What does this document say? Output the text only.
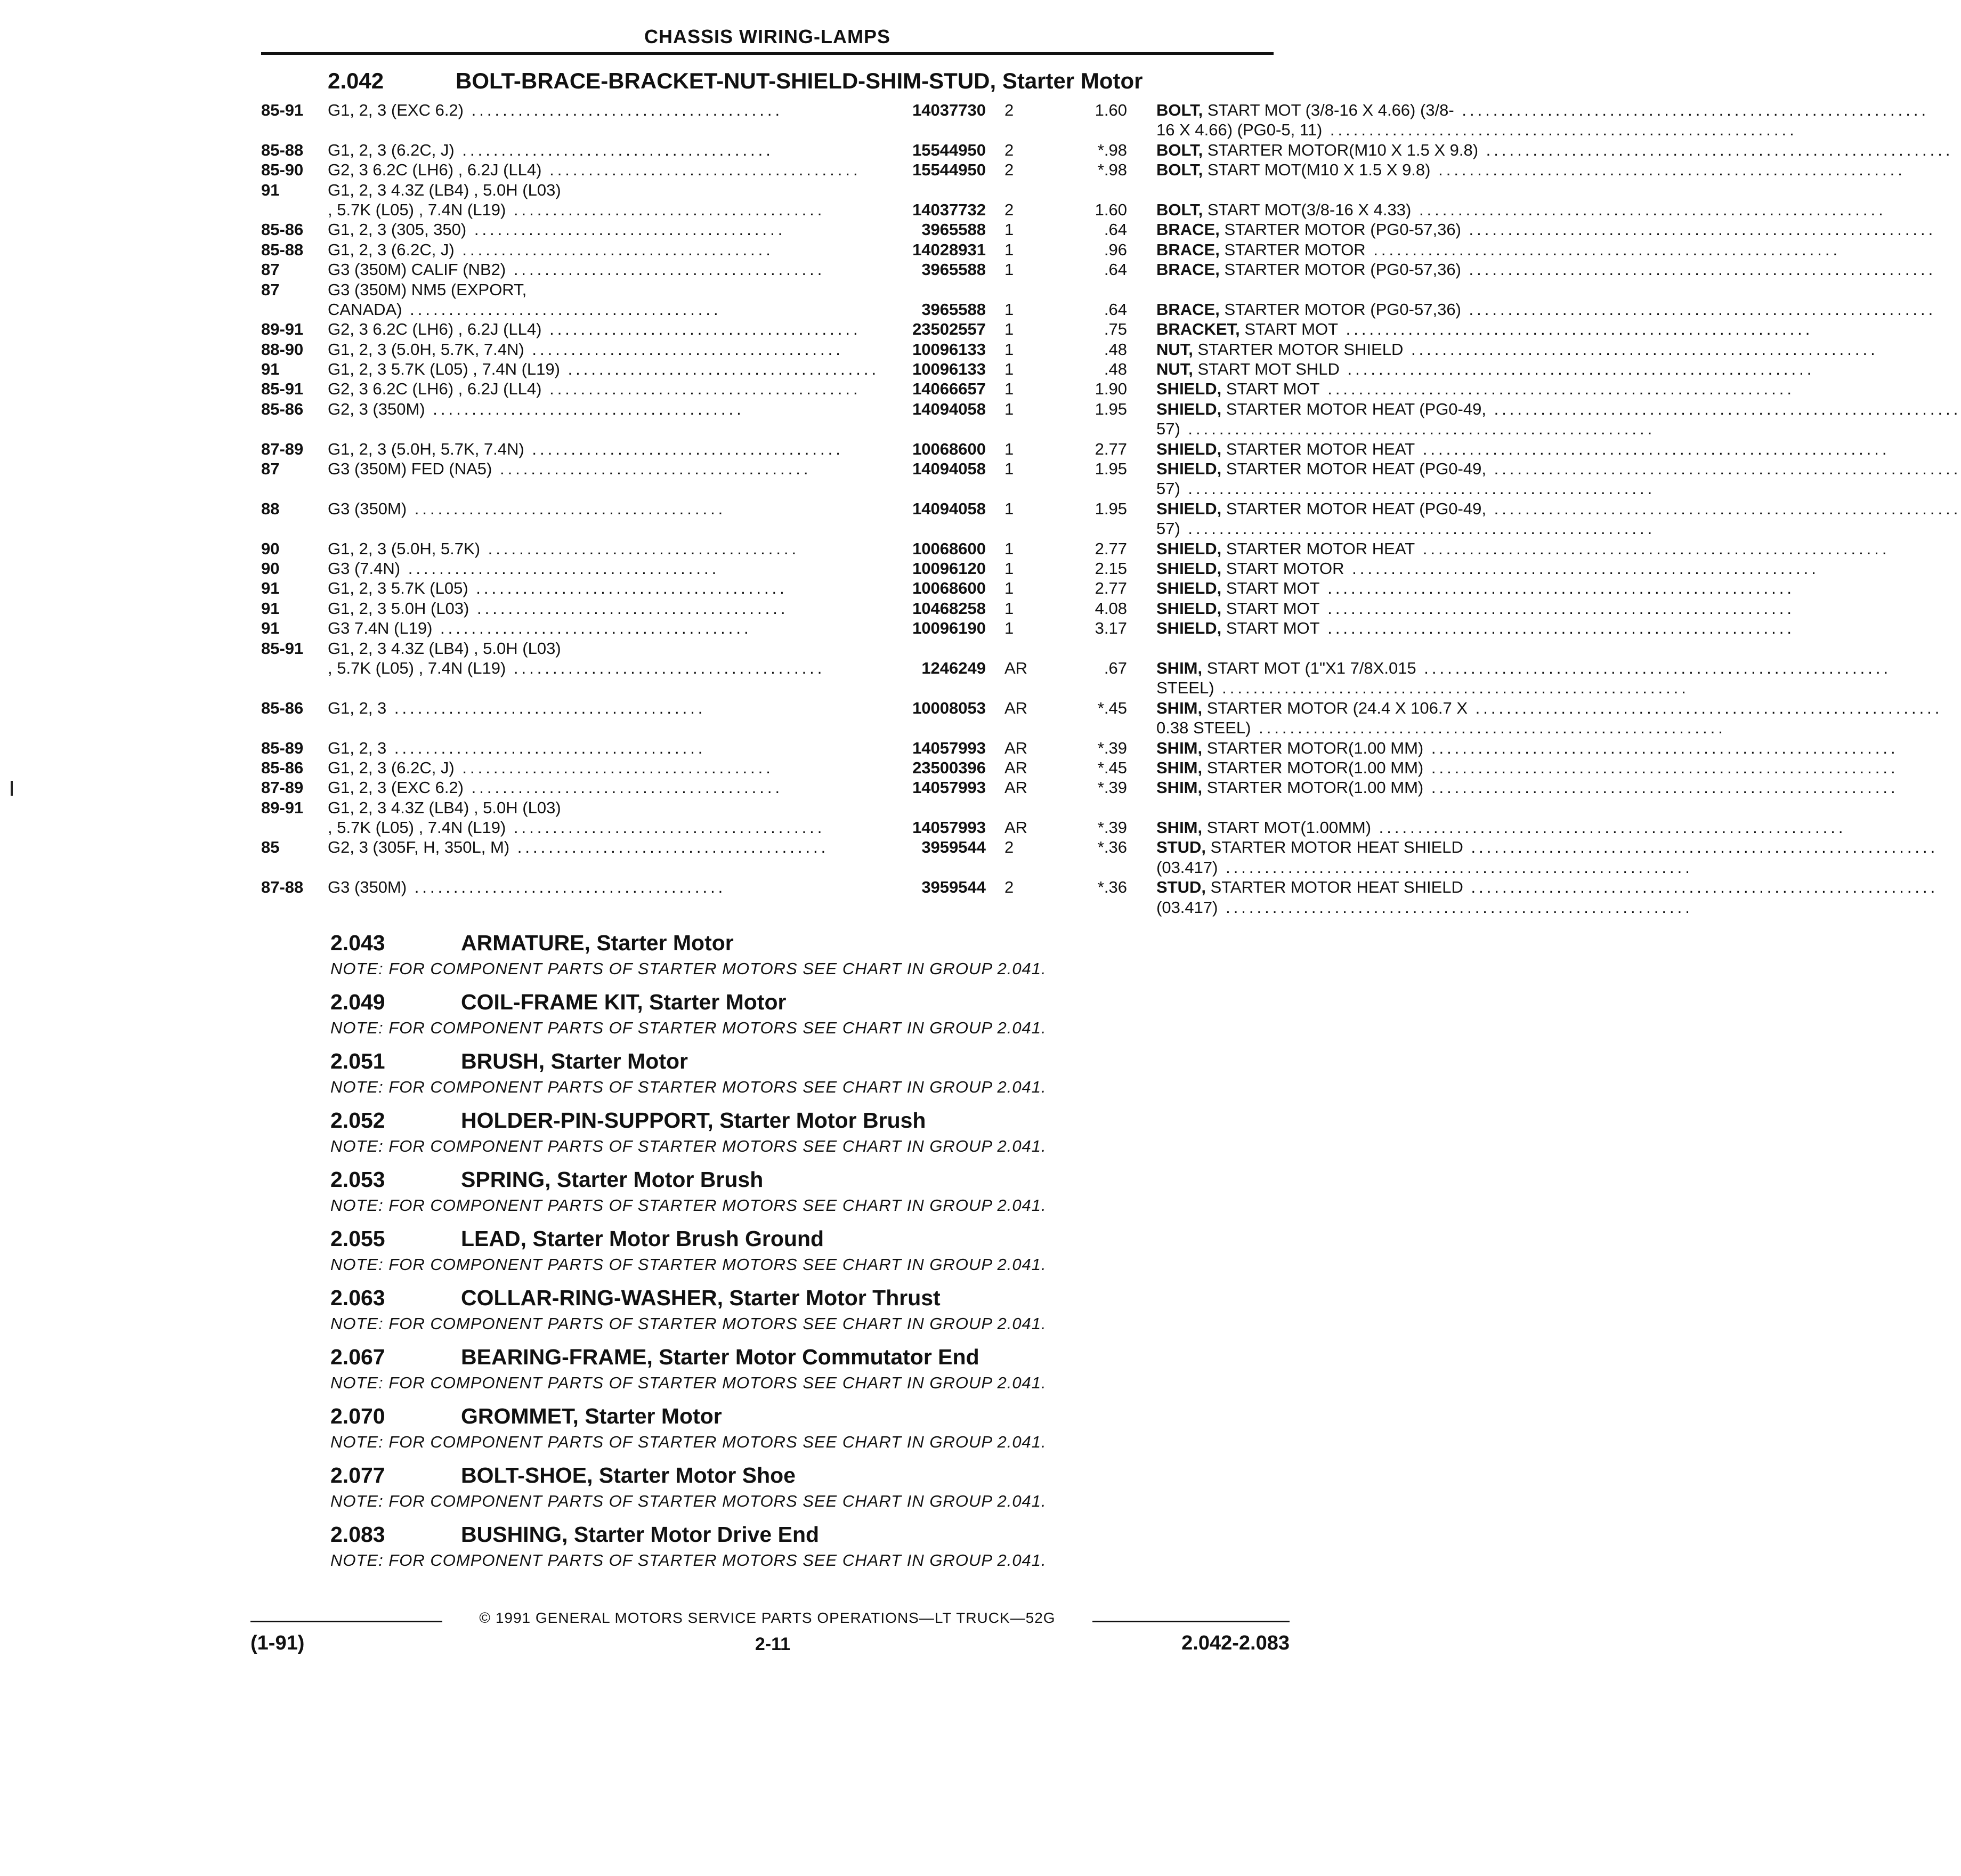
CHASSIS WIRING-LAMPS
2.042	BOLT-BRACE-BRACKET-NUT-SHIELD-SHIM-STUD, Starter Motor
85-91	G1, 2, 3 (EXC 6.2) ........................................	14037730 2	1.60 BOLT, START MOT (3/8-16 X 4.66) (3/8- ............................................................
16 X 4.66) (PG0-5, 11) ............................................................
85-88	G1, 2, 3 (6.2C, J) ........................................	15544950 2	*.98 BOLT, STARTER MOTOR(M10 X 1.5 X 9.8) ............................................................
85-90	G2, 3 6.2C (LH6) , 6.2J (LL4) ........................................	15544950 2	*.98 BOLT, START MOT(M10 X 1.5 X 9.8) ............................................................
91	G1, 2, 3 4.3Z (LB4) , 5.0H (L03)
, 5.7K (L05) , 7.4N (L19) ........................................	14037732 2	1.60 BOLT, START MOT(3/8-16 X 4.33) ............................................................
85-86	G1, 2, 3 (305, 350) ........................................	3965588 1	.64 BRACE, STARTER MOTOR (PG0-57,36) ............................................................
85-88	G1, 2, 3 (6.2C, J) ........................................	14028931 1	.96 BRACE, STARTER MOTOR ............................................................
87	G3 (350M) CALIF (NB2) ........................................	3965588 1	.64 BRACE, STARTER MOTOR (PG0-57,36) ............................................................
87	G3 (350M) NM5 (EXPORT,
CANADA) ........................................	3965588 1	.64 BRACE, STARTER MOTOR (PG0-57,36) ............................................................
89-91	G2, 3 6.2C (LH6) , 6.2J (LL4) ........................................	23502557 1	.75 BRACKET, START MOT ............................................................
88-90	G1, 2, 3 (5.0H, 5.7K, 7.4N) ........................................	10096133 1	.48 NUT, STARTER MOTOR SHIELD ............................................................
91	G1, 2, 3 5.7K (L05) , 7.4N (L19) ........................................	10096133 1	.48 NUT, START MOT SHLD ............................................................
85-91	G2, 3 6.2C (LH6) , 6.2J (LL4) ........................................	14066657 1	1.90 SHIELD, START MOT ............................................................
85-86	G2, 3 (350M) ........................................	14094058 1	1.95 SHIELD, STARTER MOTOR HEAT (PG0-49, ............................................................
57) ............................................................
87-89	G1, 2, 3 (5.0H, 5.7K, 7.4N) ........................................	10068600 1	2.77 SHIELD, STARTER MOTOR HEAT ............................................................
87	G3 (350M) FED (NA5) ........................................	14094058 1	1.95 SHIELD, STARTER MOTOR HEAT (PG0-49, ............................................................
57) ............................................................
88	G3 (350M) ........................................	14094058 1	1.95 SHIELD, STARTER MOTOR HEAT (PG0-49, ............................................................
57) ............................................................
90	G1, 2, 3 (5.0H, 5.7K) ........................................	10068600 1	2.77 SHIELD, STARTER MOTOR HEAT ............................................................
90	G3 (7.4N) ........................................	10096120 1	2.15 SHIELD, START MOTOR ............................................................
91	G1, 2, 3 5.7K (L05) ........................................	10068600 1	2.77 SHIELD, START MOT ............................................................
91	G1, 2, 3 5.0H (L03) ........................................	10468258 1	4.08 SHIELD, START MOT ............................................................
91	G3 7.4N (L19) ........................................	10096190 1	3.17 SHIELD, START MOT ............................................................
85-91	G1, 2, 3 4.3Z (LB4) , 5.0H (L03)
, 5.7K (L05) , 7.4N (L19) ........................................	1246249 AR	.67 SHIM, START MOT (1"X1 7/8X.015 ............................................................
STEEL) ............................................................
85-86	G1, 2, 3 ........................................	10008053 AR	*.45 SHIM, STARTER MOTOR (24.4 X 106.7 X ............................................................
0.38 STEEL) ............................................................
85-89	G1, 2, 3 ........................................	14057993 AR	*.39 SHIM, STARTER MOTOR(1.00 MM) ............................................................
85-86	G1, 2, 3 (6.2C, J) ........................................	23500396 AR	*.45 SHIM, STARTER MOTOR(1.00 MM) ............................................................
87-89	G1, 2, 3 (EXC 6.2) ........................................	14057993 AR	*.39 SHIM, STARTER MOTOR(1.00 MM) ............................................................
89-91	G1, 2, 3 4.3Z (LB4) , 5.0H (L03)
, 5.7K (L05) , 7.4N (L19) ........................................	14057993 AR	*.39 SHIM, START MOT(1.00MM) ............................................................
85	G2, 3 (305F, H, 350L, M) ........................................	3959544 2	*.36 STUD, STARTER MOTOR HEAT SHIELD ............................................................
(03.417) ............................................................
87-88	G3 (350M) ........................................	3959544 2	*.36 STUD, STARTER MOTOR HEAT SHIELD ............................................................
(03.417) ............................................................
2.043	ARMATURE, Starter Motor
NOTE: FOR COMPONENT PARTS OF STARTER MOTORS SEE CHART IN GROUP 2.041.
2.049	COIL-FRAME KIT, Starter Motor
NOTE: FOR COMPONENT PARTS OF STARTER MOTORS SEE CHART IN GROUP 2.041.
2.051	BRUSH, Starter Motor
NOTE: FOR COMPONENT PARTS OF STARTER MOTORS SEE CHART IN GROUP 2.041.
2.052	HOLDER-PIN-SUPPORT, Starter Motor Brush
NOTE: FOR COMPONENT PARTS OF STARTER MOTORS SEE CHART IN GROUP 2.041.
2.053	SPRING, Starter Motor Brush
NOTE: FOR COMPONENT PARTS OF STARTER MOTORS SEE CHART IN GROUP 2.041.
2.055	LEAD, Starter Motor Brush Ground
NOTE: FOR COMPONENT PARTS OF STARTER MOTORS SEE CHART IN GROUP 2.041.
2.063	COLLAR-RING-WASHER, Starter Motor Thrust
NOTE: FOR COMPONENT PARTS OF STARTER MOTORS SEE CHART IN GROUP 2.041.
2.067	BEARING-FRAME, Starter Motor Commutator End
NOTE: FOR COMPONENT PARTS OF STARTER MOTORS SEE CHART IN GROUP 2.041.
2.070	GROMMET, Starter Motor
NOTE: FOR COMPONENT PARTS OF STARTER MOTORS SEE CHART IN GROUP 2.041.
2.077	BOLT-SHOE, Starter Motor Shoe
NOTE: FOR COMPONENT PARTS OF STARTER MOTORS SEE CHART IN GROUP 2.041.
2.083	BUSHING, Starter Motor Drive End
NOTE: FOR COMPONENT PARTS OF STARTER MOTORS SEE CHART IN GROUP 2.041.
© 1991 GENERAL MOTORS SERVICE PARTS OPERATIONS—LT TRUCK—52G
(1-91)	2-11	2.042-2.083
